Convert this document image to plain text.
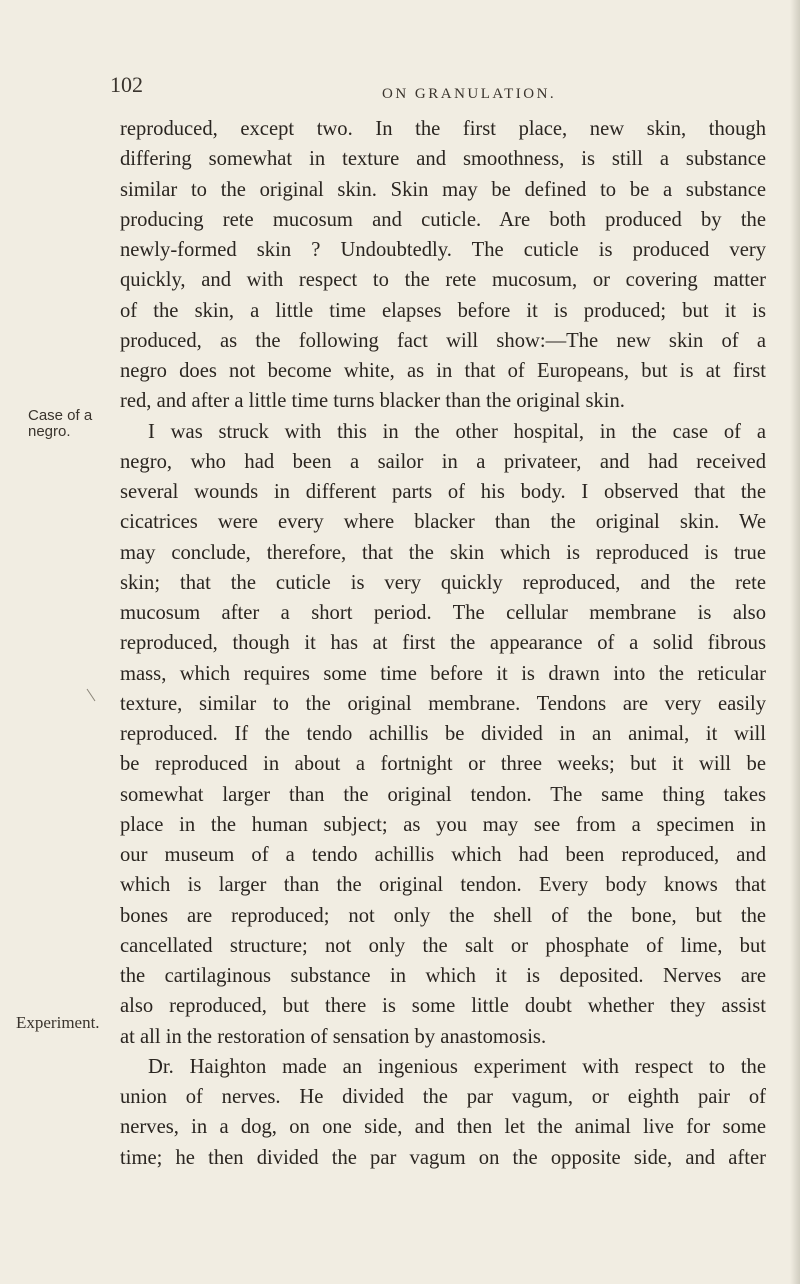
102	ON GRANULATION.
Case of a
negro.
Experiment.
reproduced, except two. In the first place, new skin, though
differing somewhat in texture and smoothness, is still a substance
similar to the original skin. Skin may be defined to be a substance
producing rete mucosum and cuticle. Are both produced by the
newly-formed skin ? Undoubtedly. The cuticle is produced very
quickly, and with respect to the rete mucosum, or covering matter
of the skin, a little time elapses before it is produced; but it is
produced, as the following fact will show:—The new skin of a
negro does not become white, as in that of Europeans, but is at first
red, and after a little time turns blacker than the original skin.
I was struck with this in the other hospital, in the case of a
negro, who had been a sailor in a privateer, and had received
several wounds in different parts of his body. I observed that the
cicatrices were every where blacker than the original skin. We
may conclude, therefore, that the skin which is reproduced is true
skin; that the cuticle is very quickly reproduced, and the rete
mucosum after a short period. The cellular membrane is also
reproduced, though it has at first the appearance of a solid fibrous
mass, which requires some time before it is drawn into the reticular
texture, similar to the original membrane. Tendons are very easily
reproduced. If the tendo achillis be divided in an animal, it will
be reproduced in about a fortnight or three weeks; but it will be
somewhat larger than the original tendon. The same thing takes
place in the human subject; as you may see from a specimen in
our museum of a tendo achillis which had been reproduced, and
which is larger than the original tendon. Every body knows that
bones are reproduced; not only the shell of the bone, but the
cancellated structure; not only the salt or phosphate of lime, but
the cartilaginous substance in which it is deposited. Nerves are
also reproduced, but there is some little doubt whether they assist
at all in the restoration of sensation by anastomosis.
Dr. Haighton made an ingenious experiment with respect to the
union of nerves. He divided the par vagum, or eighth pair of
nerves, in a dog, on one side, and then let the animal live for some
time; he then divided the par vagum on the opposite side, and after
